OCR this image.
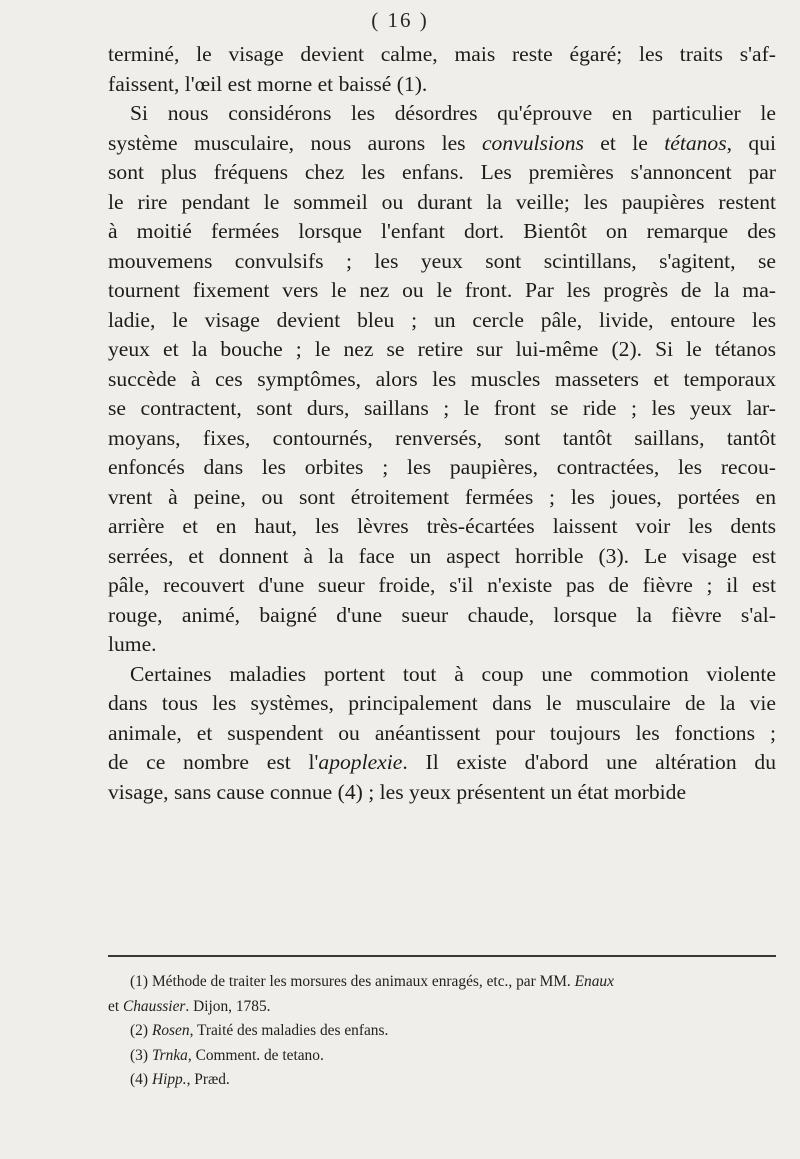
( 16 )

terminé, le visage devient calme, mais reste égaré; les traits s'af-
faissent, l'œil est morne et baissé (1).

Si nous considérons les désordres qu'éprouve en particulier le
système musculaire, nous aurons les convulsions et le tétanos, qui
sont plus fréquens chez les enfans. Les premières s'annoncent par
le rire pendant le sommeil ou durant la veille; les paupières restent
à moitié fermées lorsque l'enfant dort. Bientôt on remarque des
mouvemens convulsifs ; les yeux sont scintillans, s'agitent, se
tournent fixement vers le nez ou le front. Par les progrès de la ma-
ladie, le visage devient bleu ; un cercle pâle, livide, entoure les
yeux et la bouche ; le nez se retire sur lui-même (2). Si le tétanos
succède à ces symptômes, alors les muscles masseters et temporaux
se contractent, sont durs, saillans ; le front se ride ; les yeux lar-
moyans, fixes, contournés, renversés, sont tantôt saillans, tantôt
enfoncés dans les orbites ; les paupières, contractées, les recou-
vrent à peine, ou sont étroitement fermées ; les joues, portées en
arrière et en haut, les lèvres très-écartées laissent voir les dents
serrées, et donnent à la face un aspect horrible (3). Le visage est
pâle, recouvert d'une sueur froide, s'il n'existe pas de fièvre ; il est
rouge, animé, baigné d'une sueur chaude, lorsque la fièvre s'al-
lume.

Certaines maladies portent tout à coup une commotion violente
dans tous les systèmes, principalement dans le musculaire de la vie
animale, et suspendent ou anéantissent pour toujours les fonctions ;
de ce nombre est l'apoplexie. Il existe d'abord une altération du
visage, sans cause connue (4) ; les yeux présentent un état morbide

(1) Méthode de traiter les morsures des animaux enragés, etc., par MM. Enaux
et Chaussier. Dijon, 1785.
(2) Rosen, Traité des maladies des enfans.
(3) Trnka, Comment. de tetano.
(4) Hipp., Præd.
